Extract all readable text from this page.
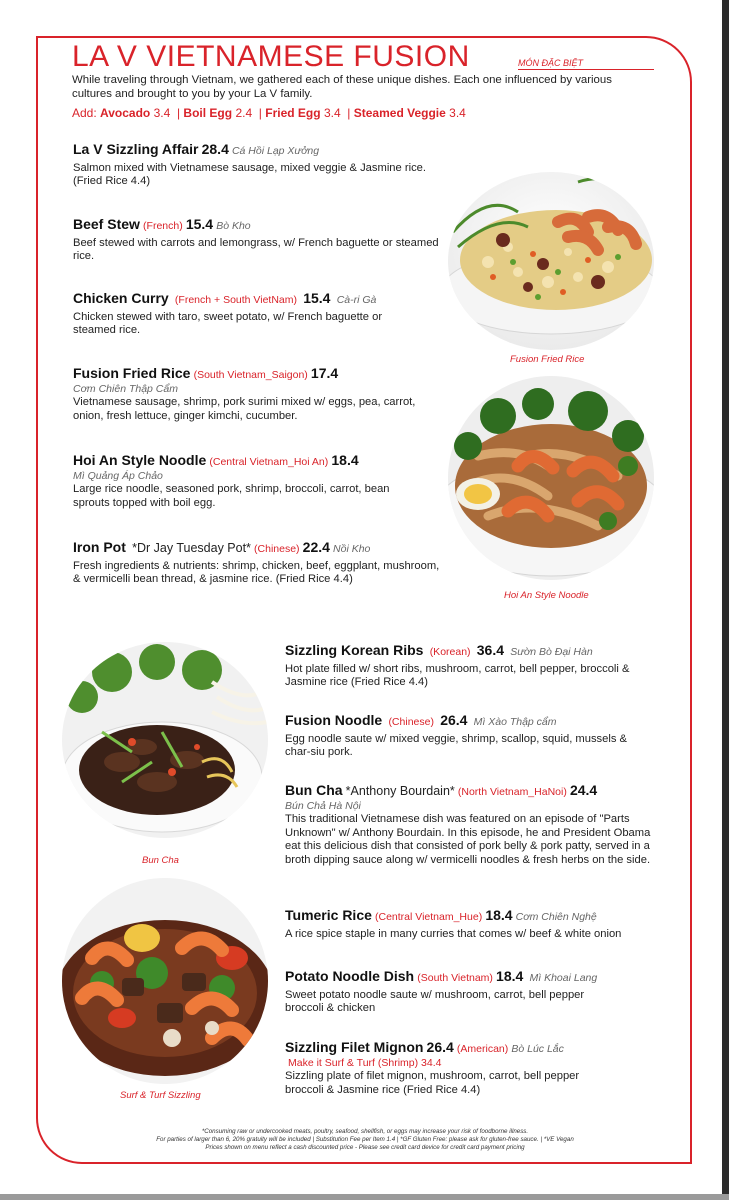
LA V VIETNAMESE FUSION	MÓN ĐẶC BIỆT
While traveling through Vietnam, we gathered each of these unique dishes. Each one influenced by various cultures and brought to you by your La V family.
Add: Avocado 3.4  | Boil Egg 2.4  | Fried Egg 3.4  | Steamed Veggie 3.4
La V Sizzling Affair 28.4 Cá Hồi Lạp Xưởng
Salmon mixed with Vietnamese sausage, mixed veggie & Jasmine rice. (Fried Rice 4.4)
Beef Stew (French) 15.4 Bò Kho
Beef stewed with carrots and lemongrass, w/ French baguette or steamed rice.
Chicken Curry (French + South VietNam) 15.4 Cà-ri Gà
Chicken stewed with taro, sweet potato, w/ French baguette or steamed rice.
Fusion Fried Rice (South Vietnam_Saigon) 17.4
Cơm Chiên Thập Cẩm
Vietnamese sausage, shrimp, pork surimi mixed w/ eggs, pea, carrot, onion, fresh lettuce, ginger kimchi, cucumber.
Hoi An Style Noodle (Central Vietnam_Hoi An) 18.4
Mì Quảng Áp Chảo
Large rice noodle, seasoned pork, shrimp, broccoli, carrot, bean sprouts topped with boil egg.
Iron Pot *Dr Jay Tuesday Pot* (Chinese) 22.4 Nồi Kho
Fresh ingredients & nutrients: shrimp, chicken, beef, eggplant, mushroom, & vermicelli bean thread, & jasmine rice. (Fried Rice 4.4)
Sizzling Korean Ribs (Korean) 36.4 Sườn Bò Đại Hàn
Hot plate filled w/ short ribs, mushroom, carrot, bell pepper, broccoli & Jasmine rice (Fried Rice 4.4)
Fusion Noodle (Chinese) 26.4 Mì Xào Thập cẩm
Egg noodle saute w/ mixed veggie, shrimp, scallop, squid, mussels & char-siu pork.
Bun Cha *Anthony Bourdain* (North Vietnam_HaNoi) 24.4
Bún Chả Hà Nội
This traditional Vietnamese dish was featured on an episode of "Parts Unknown" w/ Anthony Bourdain. In this episode, he and President Obama eat this delicious dish that consisted of pork belly & pork patty, served in a broth dipping sauce along w/ vermicelli noodles & fresh herbs on the side.
Tumeric Rice (Central Vietnam_Hue) 18.4 Cơm Chiên Nghệ
A rice spice staple in many curries that comes w/ beef & white onion
Potato Noodle Dish (South Vietnam) 18.4 Mì Khoai Lang
Sweet potato noodle saute w/ mushroom, carrot, bell pepper broccoli & chicken
Sizzling Filet Mignon 26.4 (American) Bò Lúc Lắc
Make it Surf & Turf (Shrimp) 34.4
Sizzling plate of filet mignon, mushroom, carrot, bell pepper broccoli & Jasmine rice (Fried Rice 4.4)
Fusion Fried Rice
Hoi An Style Noodle
Bun Cha
Surf & Turf Sizzling
*Consuming raw or undercooked meats, poultry, seafood, shellfish, or eggs may increase your risk of foodborne illness.
For parties of larger than 6, 20% gratuity will be included | Substitution Fee per Item 1.4 | *GF Gluten Free: please ask for gluten-free sauce. | *VE Vegan
Prices shown on menu reflect a cash discounted price - Please see credit card device for credit card payment pricing
